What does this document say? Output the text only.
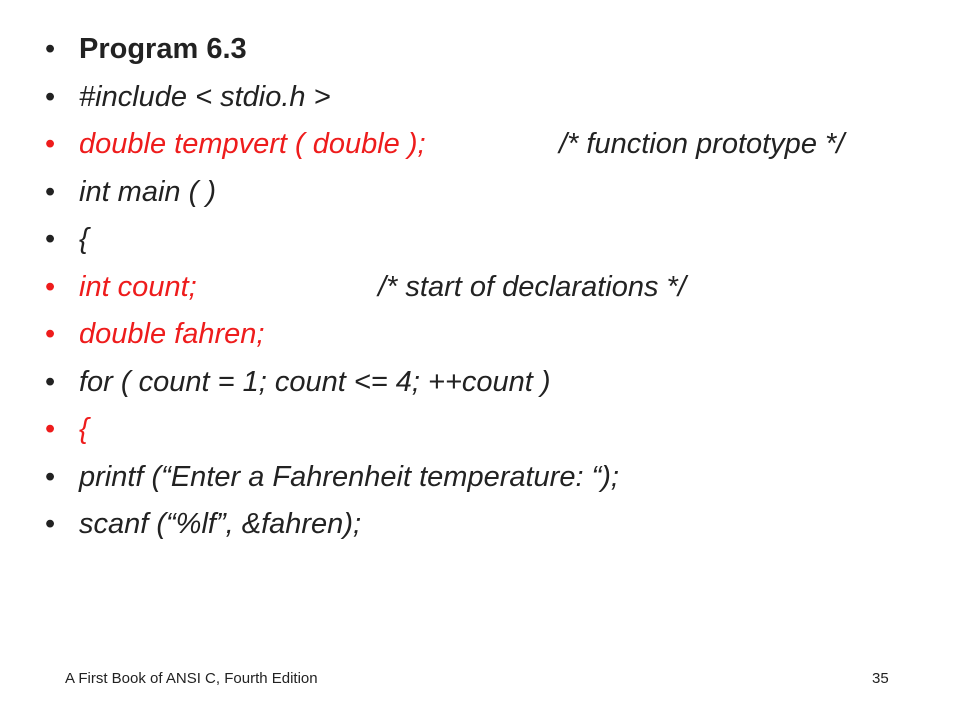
•

Program 6.3

•

#include < stdio.h >

•

double tempvert ( double );

	/* function prototype */

•

int main ( )

•

{

•

int count;

	/* start of declarations */

•

double fahren;

•

for ( count = 1; count <= 4; ++count )

•

{

•

printf (“Enter a Fahrenheit temperature: “);

•

scanf (“%lf”, &fahren);

A First Book of ANSI C, Fourth Edition	35
